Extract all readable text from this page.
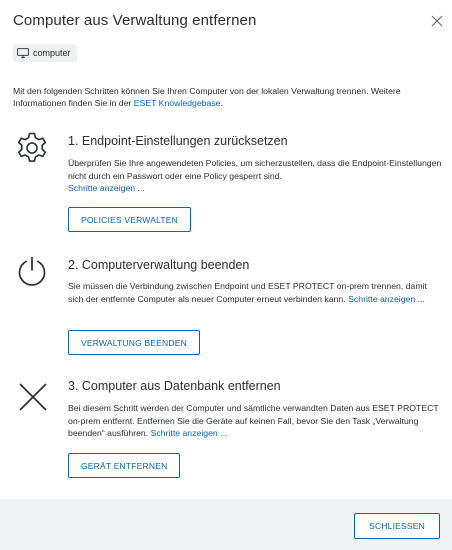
Computer aus Verwaltung entfernen
computer
Mit den folgenden Schritten können Sie Ihren Computer von der lokalen Verwaltung trennen. Weitere Informationen finden Sie in der ESET Knowledgebase.
1. Endpoint-Einstellungen zurücksetzen
Überprüfen Sie Ihre angewendeten Policies, um sicherzustellen, dass die Endpoint-Einstellungen nicht durch ein Passwort oder eine Policy gesperrt sind.
Schritte anzeigen ...
POLICIES VERWALTEN
2. Computerverwaltung beenden
Sie müssen die Verbindung zwischen Endpoint und ESET PROTECT on-prem trennen, damit sich der entfernte Computer als neuer Computer erneut verbinden kann. Schritte anzeigen ...
VERWALTUNG BEENDEN
3. Computer aus Datenbank entfernen
Bei diesem Schritt werden der Computer und sämtliche verwandten Daten aus ESET PROTECT on-prem entfernt. Entfernen Sie die Geräte auf keinen Fall, bevor Sie den Task „Verwaltung beenden“ ausführen. Schritte anzeigen ...
GERÄT ENTFERNEN
SCHLIESSEN
